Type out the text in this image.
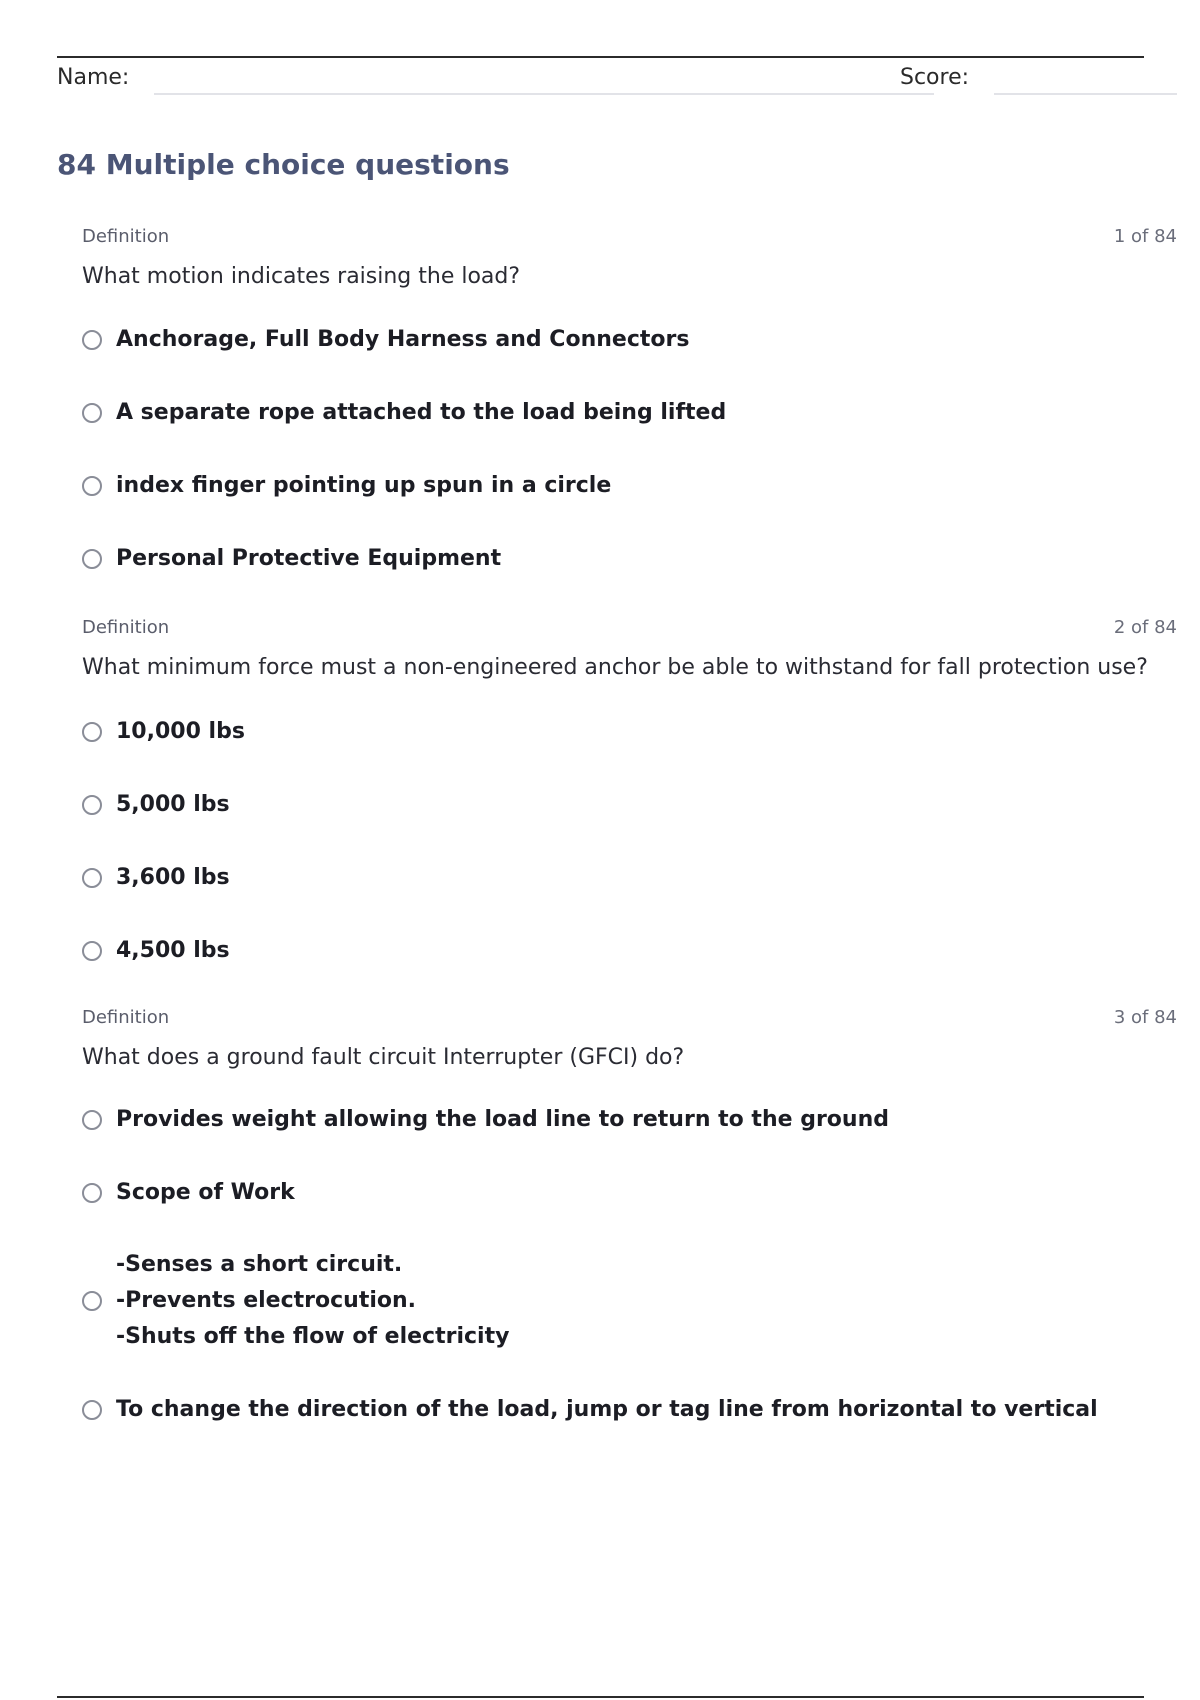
Name:	Score:
84 Multiple choice questions
Definition	1 of 84
What motion indicates raising the load?
Anchorage, Full Body Harness and Connectors
A separate rope attached to the load being lifted
index finger pointing up spun in a circle
Personal Protective Equipment
Definition	2 of 84
What minimum force must a non-engineered anchor be able to withstand for fall protection use?
10,000 lbs
5,000 lbs
3,600 lbs
4,500 lbs
Definition	3 of 84
What does a ground fault circuit Interrupter (GFCI) do?
Provides weight allowing the load line to return to the ground
Scope of Work
-Senses a short circuit.
-Prevents electrocution.
-Shuts off the flow of electricity
To change the direction of the load, jump or tag line from horizontal to vertical
